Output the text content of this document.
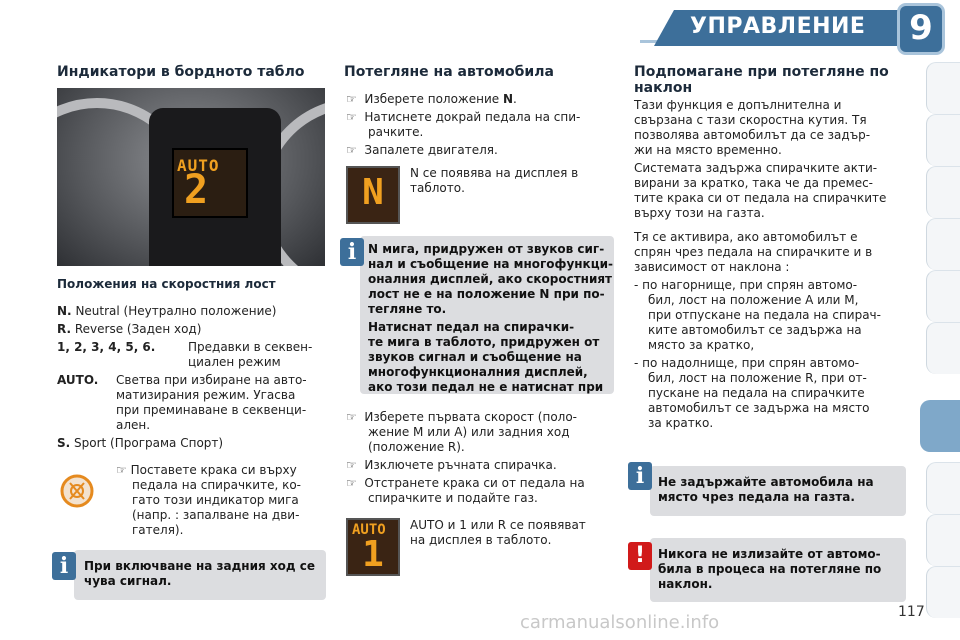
УПРАВЛЕНИЕ	9
Индикатори в бордното табло
AUTO
2
Положения на скоростния лост
N. Neutral (Неутрално положение)
R. Reverse (Заден ход)
1, 2, 3, 4, 5, 6.	Предавки в секвен-
циален режим
AUTO. Светва при избиране на авто-
матизирания режим. Угасва
при преминаване в секвенци-
ален.
S. Sport (Програма Спорт)
☞ Поставете крака си върху
педала на спирачките, ко-
гато този индикатор мига
(напр. : запалване на дви-
гателя).
При включване на задния ход се
чува сигнал.
i
Потегляне на автомобила
☞  Изберете положение N.
☞  Натиснете докрай педала на спи-
рачките.
☞  Запалете двигателя.
N	N се появява на дисплея в
таблото.
N мига, придружен от звуков сиг-
нал и съобщение на многофункци-
оналния дисплей, ако скоростният
лост не е на положение N при по-
тегляне то.
Натиснат педал на спирачки-
те мига в таблото, придружен от
звуков сигнал и съобщение на
многофункционалния дисплей,
ако този педал не е натиснат при
i
☞  Изберете първата скорост (поло-
жение M или A) или задния ход
(положение R).
☞  Изключете ръчната спирачка.
☞  Отстранете крака си от педала на
спирачките и подайте газ.
AUTO
1
AUTO и 1 или R се появяват
на дисплея в таблото.
Подпомагане при потегляне по
наклон
Тази функция е допълнителна и
свързана с тази скоростна кутия. Тя
позволява автомобилът да се задър-
жи на място временно.
Системата задържа спирачките акти-
вирани за кратко, така че да премес-
тите крака си от педала на спирачките
върху този на газта.
Тя се активира, ако автомобилът е
спрян чрез педала на спирачките и в
зависимост от наклона :
- по нагорнище, при спрян автомо-
бил, лост на положение A или M,
при отпускане на педала на спирач-
ките автомобилът се задържа на
място за кратко,
- по надолнище, при спрян автомо-
бил, лост на положение R, при от-
пускане на педала на спирачките
автомобилът се задържа на място
за кратко.
Не задържайте автомобила на
място чрез педала на газта.
i
Никога не излизайте от автомо-
била в процеса на потегляне по
наклон.
!
carmanualsonline.info	117
